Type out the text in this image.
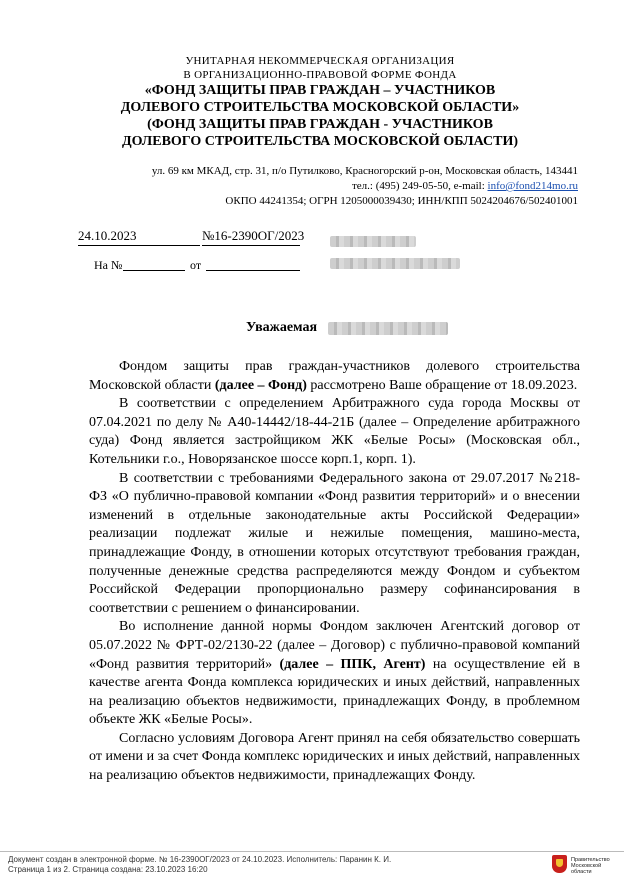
УНИТАРНАЯ НЕКОММЕРЧЕСКАЯ ОРГАНИЗАЦИЯ
В ОРГАНИЗАЦИОННО-ПРАВОВОЙ ФОРМЕ ФОНДА
«ФОНД ЗАЩИТЫ ПРАВ ГРАЖДАН – УЧАСТНИКОВ
ДОЛЕВОГО СТРОИТЕЛЬСТВА МОСКОВСКОЙ ОБЛАСТИ»
(ФОНД ЗАЩИТЫ ПРАВ ГРАЖДАН - УЧАСТНИКОВ
ДОЛЕВОГО СТРОИТЕЛЬСТВА МОСКОВСКОЙ ОБЛАСТИ)
ул. 69 км МКАД, стр. 31, п/о Путилково, Красногорский р-он, Московская область, 143441
тел.: (495) 249-05-50, e-mail: info@fond214mo.ru
ОКПО 44241354; ОГРН 1205000039430; ИНН/КПП 5024204676/502401001
24.10.2023	№16-2390ОГ/2023
На №	от
Уважаемая

Фондом защиты прав граждан-участников долевого строительства Московской области (далее – Фонд) рассмотрено Ваше обращение от 18.09.2023.

В соответствии с определением Арбитражного суда города Москвы от 07.04.2021 по делу № А40-14442/18-44-21Б (далее – Определение арбитражного суда) Фонд является застройщиком ЖК «Белые Росы» (Московская обл., Котельники г.о., Новорязанское шоссе корп.1, корп. 1).

В соответствии с требованиями Федерального закона от 29.07.2017 №218-ФЗ «О публично-правовой компании «Фонд развития территорий» и о внесении изменений в отдельные законодательные акты Российской Федерации» реализации подлежат жилые и нежилые помещения, машино-места, принадлежащие Фонду, в отношении которых отсутствуют требования граждан, полученные денежные средства распределяются между Фондом и субъектом Российской Федерации пропорционально размеру софинансирования в соответствии с решением о финансировании.

Во исполнение данной нормы Фондом заключен Агентский договор от 05.07.2022 № ФРТ-02/2130-22 (далее – Договор) с публично-правовой компаний «Фонд развития территорий» (далее – ППК, Агент) на осуществление ей в качестве агента Фонда комплекса юридических и иных действий, направленных на реализацию объектов недвижимости, принадлежащих Фонду, в проблемном объекте ЖК «Белые Росы».

Согласно условиям Договора Агент принял на себя обязательство совершать от имени и за счет Фонда комплекс юридических и иных действий, направленных на реализацию объектов недвижимости, принадлежащих Фонду.

Документ создан в электронной форме. № 16-2390ОГ/2023 от 24.10.2023. Исполнитель: Паранин К. И.
Страница 1 из 2. Страница создана: 23.10.2023 16:20
Правительство
Московской области
